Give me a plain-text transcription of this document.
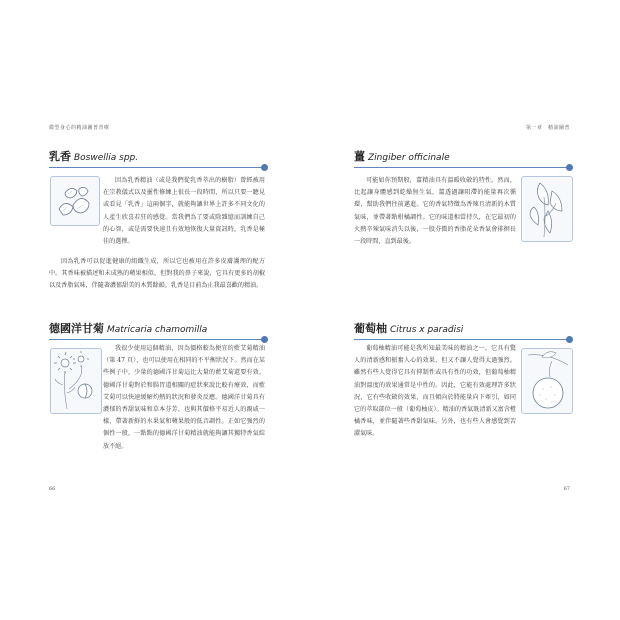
微型身心的精油圖普青療
乳香 Boswellia spp.

因為乳香精油（或是我們從乳香萃出的樹脂）曾經被用在宗教儀式以及靈性修練上很長一段時間，所以只要一聽見或看見「乳香」這兩個字，就能夠讓世界上許多不同文化的人產生欣喜若狂的感覺。當我們為了要或除雜憶而訓練自己的心智，或是需要快速且有效地恢復大量資訊時，乳香是極佳的選擇。

因為乳香可以促進健康的組織生成，所以它也被用在許多皮膚護理的配方中。其香味被描述和未成熟的蘋果相似，但對我的鼻子來說，它具有更多的胡椒以及香脂氣味，伴隨著濃郁甜美的木質餘韻。乳香是目前為止我最喜歡的精油。

德國洋甘菊 Matricaria chamomilla

我很少使用這個精油，因為價格較為便宜的藍艾菊精油（第 47 頁），也可以使用在相同的不平衡狀況下。然而在某些例子中，少量的德國洋甘菊這比大量的藍艾菊還要有效。德國洋甘菊對於和腸胃道相關的症狀來說比較有療效，而藍艾菊可以快速緩解灼熱的狀況和發炎反應。德國洋甘菊具有濃郁的香甜氣味和草本芬芳，也與其價格平易近人的親戚一樣，帶著新鮮的水果氣和蘋果般的低音調性。正如它強烈的個性一般，一點點的德國洋甘菊精油就能夠讓其獨特香氣綻放不絕。

66
第一章　精油圖普
薑 Zingiber officinale

可能如你預期般，薑精油具有溫暖收斂的特性。然而，比起讓身體感到乾燥無生氣，薑透過讓阻滯的能量再次循環，幫助我們往前邁進。它的香氣特徵為香辣且清新的木質氣味，並帶著點柑橘調性。它的味道相當持久，在它最初的火熱辛辣氣味消失以後，一股芬微的香脂花朵香氣會徘徊長一段時間，直到最後。

葡萄柚 Citrus x paradisi

葡萄柚精油可能是我所知最美味的精油之一。它具有驚人的清新感和振奮人心的效果，但又不讓人覺得太過強烈。雖然有些人覺得它具有抑制性或具有性的功效，但葡萄柚精油對溫度的效果通常是中性的。因此，它能有效處理許多狀況，它有些收斂的效果，而且傾向於將能量向下牽引，如同它的萃取部位一般（葡萄柚皮）。精油的香氣既清新又富含橙橘香味，並伴隨著些香甜氣味。另外，也有些人會感覺到苦澀氣味。

67
